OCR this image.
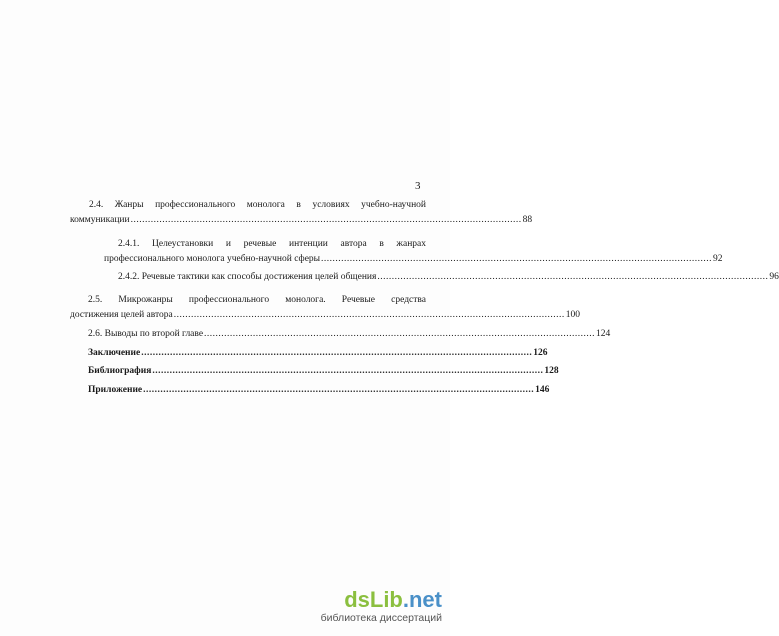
3
2.4. Жанры профессионального монолога в условиях учебно-научной
коммуникации ........................................................................................................................................ 88
2.4.1. Целеустановки и речевые интенции автора в жанрах
профессионального монолога учебно-научной сферы ........................................................................................................................................ 92
2.4.2. Речевые тактики как способы достижения целей общения ........................................................................................................................................ 96
2.5. Микрожанры профессионального монолога. Речевые средства
достижения целей автора ........................................................................................................................................ 100
2.6. Выводы по второй главе ........................................................................................................................................ 124
Заключение ........................................................................................................................................ 126
Библиография ........................................................................................................................................ 128
Приложение ........................................................................................................................................ 146
dsLib.net
библиотека диссертаций
